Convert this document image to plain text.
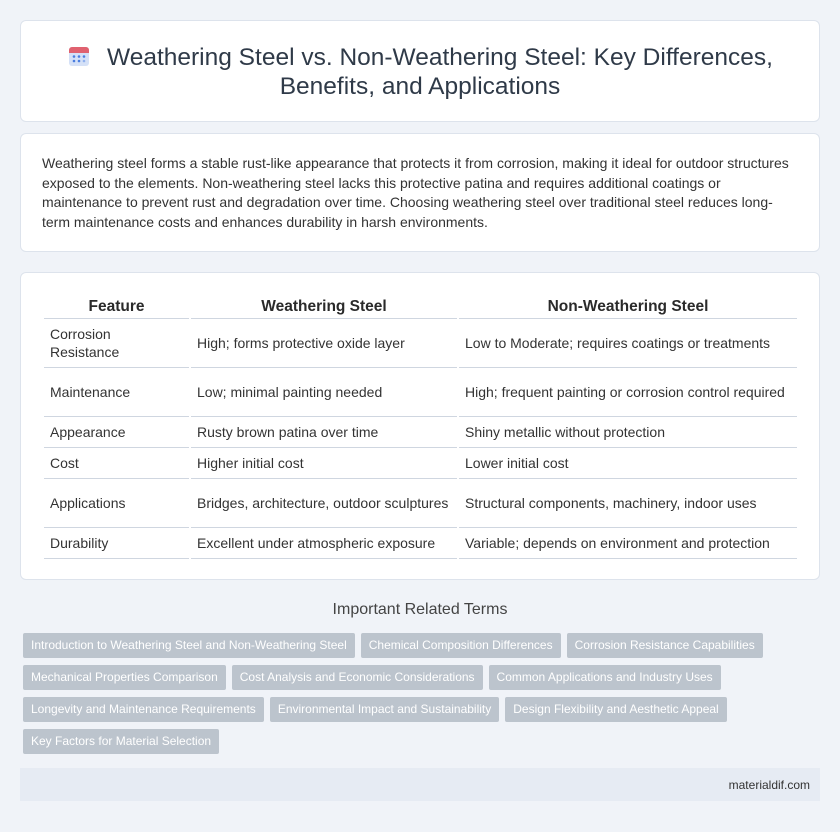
Weathering Steel vs. Non-Weathering Steel: Key Differences, Benefits, and Applications

Weathering steel forms a stable rust-like appearance that protects it from corrosion, making it ideal for outdoor structures exposed to the elements. Non-weathering steel lacks this protective patina and requires additional coatings or maintenance to prevent rust and degradation over time. Choosing weathering steel over traditional steel reduces long-term maintenance costs and enhances durability in harsh environments.

Feature	Weathering Steel	Non-Weathering Steel
Corrosion Resistance	High; forms protective oxide layer	Low to Moderate; requires coatings or treatments
Maintenance	Low; minimal painting needed	High; frequent painting or corrosion control required
Appearance	Rusty brown patina over time	Shiny metallic without protection
Cost	Higher initial cost	Lower initial cost
Applications	Bridges, architecture, outdoor sculptures	Structural components, machinery, indoor uses
Durability	Excellent under atmospheric exposure	Variable; depends on environment and protection
Important Related Terms
Introduction to Weathering Steel and Non-Weathering Steel Chemical Composition Differences Corrosion Resistance Capabilities
Mechanical Properties Comparison Cost Analysis and Economic Considerations Common Applications and Industry Uses
Longevity and Maintenance Requirements Environmental Impact and Sustainability Design Flexibility and Aesthetic Appeal
Key Factors for Material Selection
materialdif.com
